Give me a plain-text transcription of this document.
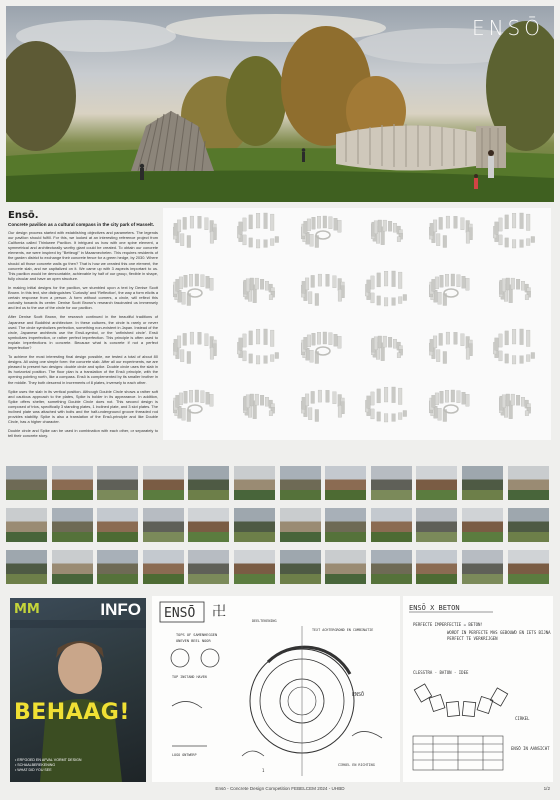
ENSŌ
Ensō.
Concrete pavilion as a cultural compass in the city park of Hasselt.
Our design process started with establishing objectives and parameters. The legends our pavilion should fulfill. For this, we looked at an interesting reference project from California called Thinkwee Pavilion. It intrigued us how with one spine element, a symmetrical and architecturally worthy giant could be created. To obtain our concrete elements, we were inspired by "Betteugl" in Maasmechelen. This requires residents of the garden district to exchange their concrete fence for a green hedge, by 2030. Where should all those concrete walls go then? That is how we created this one element, the concrete slab, and we capitalized on it. We came up with 3 aspects important to us. This pavilion would be demountable, achievable by half of our group, flexible in shape, fully circular and have an open structure.
In making initial designs for the pavilion, we stumbled upon a text by Denise Scott Brown. In this text, she distinguishes 'Curiosity' and 'Reflection', the way a form elicits a certain response from a person. A form without corners, a circle, will reflect this curiosity towards its center. Denise Scott Brown's research fascinated us immensely and led us to the use of the circle for our pavilion.
After Denise Scott Brown, the research continued in the beautiful traditions of Japanese and Buddhist architecture. In these cultures, the circle is rarely or never used. The circle symbolizes perfection, something non-existent in Japan. Instead of the circle, Japanese architects use the Ensō-symbol, or the 'unfinished circle'. Ensō symbolizes imperfection, or rather perfect imperfection. This principle is often used to explain imperfections in concrete. Because what is concrete if not a perfect imperfection?
To achieve the most interesting final design possible, we tested a total of about 80 designs. All using one simple form: the concrete slab. After all our experiments, we are pleased to present two designs: double circle and spike. Double circle uses the slab in its horizontal position. The floor plan is a translation of the Ensō principle, with the opening pointing north, like a compass. Ensō is complemented by its smaller brother in the middle. They both descend in increments of 8 plates, inversely to each other.
Spike uses the slab in its vertical position. Although Double Circle shows a rather soft and cautious approach to the plates, Spike is bolder in its appearance. In addition, Spike offers shelter, something Double Circle does not. This second design is composed of trios, specifically 3 standing plates, 1 inclined plate, and 3 slot plates. The inclined plate was attached with bolts and the half-underground groove threaded rod provides stability. Spike is also a translation of the Ensō-principle and like Double Circle, has a higher character.
Double circle and Spike can be used in combination with each other, or separately to tell their concrete story.
MM	INFO
BEHAAG!
• ERFGOED EN AFVAL VORMT DESIGN
• SCHAALBEREKENING
• WHAT DID YOU SEE
ENSŌ 卍
TOPS OF SAMENHEGGEN
ONEVEN BEEL NOOR
TOP INSTAND HAVEN
LOGO ONTWERP
TEXT ACHTERGROND EN COMBINATIE
DEELTEKENING
CIRKEL EN RICHTING
ENSŌ
1
ENSŌ X BETON
PERFECTE IMPERFECTIE = BETON!
WORDT IN PERFECTE MAS GEBOUWD EN IETS BIJNA PERFECT TE VERKRIJGEN
CLESSTRA - BATON - IDEE
CIRKEL
ENSŌ IN AANSICHT
Ensō - Concrete Design Competition FEBELCEM 2024 - UHBD	1/2
